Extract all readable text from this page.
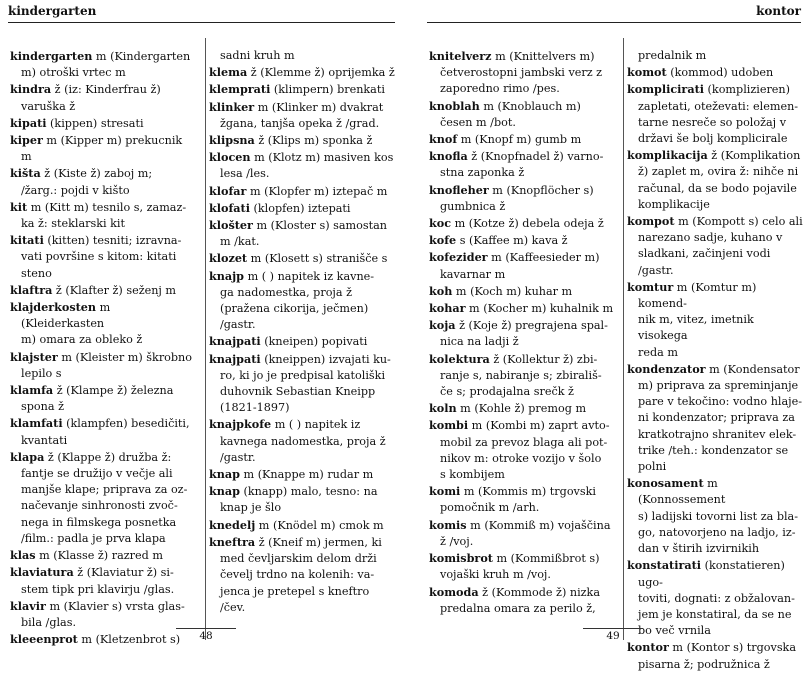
kindergarten

kindergarten m (Kindergarten
m) otroški vrtec m

kindra ž (iz: Kinderfrau ž)
varuška ž

kipati (kippen) stresati

kiper m (Kipper m) prekucnik m

kišta ž (Kiste ž) zaboj m;
/žarg.: pojdi v kišto

kit m (Kitt m) tesnilo s, zamaz-
ka ž: steklarski kit

kitati (kitten) tesniti; izravna-
vati površine s kitom: kitati
steno

klaftra ž (Klafter ž) seženj m

klajderkosten m (Kleiderkasten
m) omara za obleko ž

klajster m (Kleister m) škrobno
lepilo s

klamfa ž (Klampe ž) železna
spona ž

klamfati (klampfen) besedičiti,
kvantati

klapa ž (Klappe ž) družba ž:
fantje se družijo v večje ali
manjše klape; priprava za oz-
načevanje sinhronosti zvoč-
nega in filmskega posnetka
/film.: padla je prva klapa

klas m (Klasse ž) razred m

klaviatura ž (Klaviatur ž) si-
stem tipk pri klavirju /glas.

klavir m (Klavier s) vrsta glas-
bila /glas.

kleeenprot m (Kletzenbrot s)

sadni kruh m

klema ž (Klemme ž) oprijemka ž

klemprati (klimpern) brenkati

klinker m (Klinker m) dvakrat
žgana, tanjša opeka ž /grad.

klipsna ž (Klips m) sponka ž

klocen m (Klotz m) masiven kos
lesa /les.

klofar m (Klopfer m) iztepač m

klofati (klopfen) iztepati

klošter m (Kloster s) samostan
m /kat.

klozet m (Klosett s) stranišče s

knajp m ( ) napitek iz kavne-
ga nadomestka, proja ž
(pražena cikorija, ječmen)
/gastr.

knajpati (kneipen) popivati

knajpati (kneippen) izvajati ku-
ro, ki jo je predpisal katoliški
duhovnik Sebastian Kneipp
(1821-1897)

knajpkofe m ( ) napitek iz
kavnega nadomestka, proja ž
/gastr.

knap m (Knappe m) rudar m

knap (knapp) malo, tesno: na
knap je šlo

knedelj m (Knödel m) cmok m

kneftra ž (Kneif m) jermen, ki
med čevljarskim delom drži
čevelj trdno na kolenih: va-
jenca je pretepel s kneftro
/čev.

48
kontor

knitelverz m (Knittelvers m)
četverostopni jambski verz z
zaporednο rimo /pes.

knoblah m (Knoblauch m)
česen m /bot.

knof m (Knopf m) gumb m

knofla ž (Knopfnadel ž) varno-
stna zaponka ž

knofleher m (Knopflöcher s)
gumbnica ž

koc m (Kotze ž) debela odeja ž

kofe s (Kaffee m) kava ž

kofezider m (Kaffeesieder m)
kavarnar m

koh m (Koch m) kuhar m

kohar m (Kocher m) kuhalnik m

koja ž (Koje ž) pregrajena spal-
nica na ladji ž

kolektura ž (Kollektur ž) zbi-
ranje s, nabiranje s; zbirališ-
če s; prodajalna srečk ž

koln m (Kohle ž) premog m

kombi m (Kombi m) zaprt avto-
mobil za prevoz blaga ali pot-
nikov m: otroke vozijo v šolo
s kombijem

komi m (Kommis m) trgovski
pomočnik m /arh.

komis m (Kommiß m) vojaščina
ž /voj.

komisbrot m (Kommißbrot s)
vojaški kruh m /voj.

komoda ž (Kommode ž) nizka
predalna omara za perilo ž,

predalnik m

komot (kommod) udoben

komplicirati (komplizieren)
zapletati, oteževati: elemen-
tarne nesreče so položaj v
državi še bolj komplicirale

komplikacija ž (Komplikation
ž) zaplet m, ovira ž: nihče ni
računal, da se bodo pojavile
komplikacije

kompot m (Kompott s) celo ali
narezano sadje, kuhano v
sladkani, začinjeni vodi
/gastr.

komtur m (Komtur m) komend-
nik m, vitez, imetnik visokega
reda m

kondenzator m (Kondensator
m) priprava za spreminjanje
pare v tekočino: vodno hlaje-
ni kondenzator; priprava za
kratkotrajno shranitev elek-
trike /teh.: kondenzator se
polni

konosament m (Konnossement
s) ladijski tovorni list za bla-
go, natovorjeno na ladjo, iz-
dan v štirih izvirnikih

konstatirati (konstatieren) ugo-
toviti, dognati: z obžalovan-
jem je konstatiral, da se ne
bo več vrnila

kontor m (Kontor s) trgovska
pisarna ž; podružnica ž

49
